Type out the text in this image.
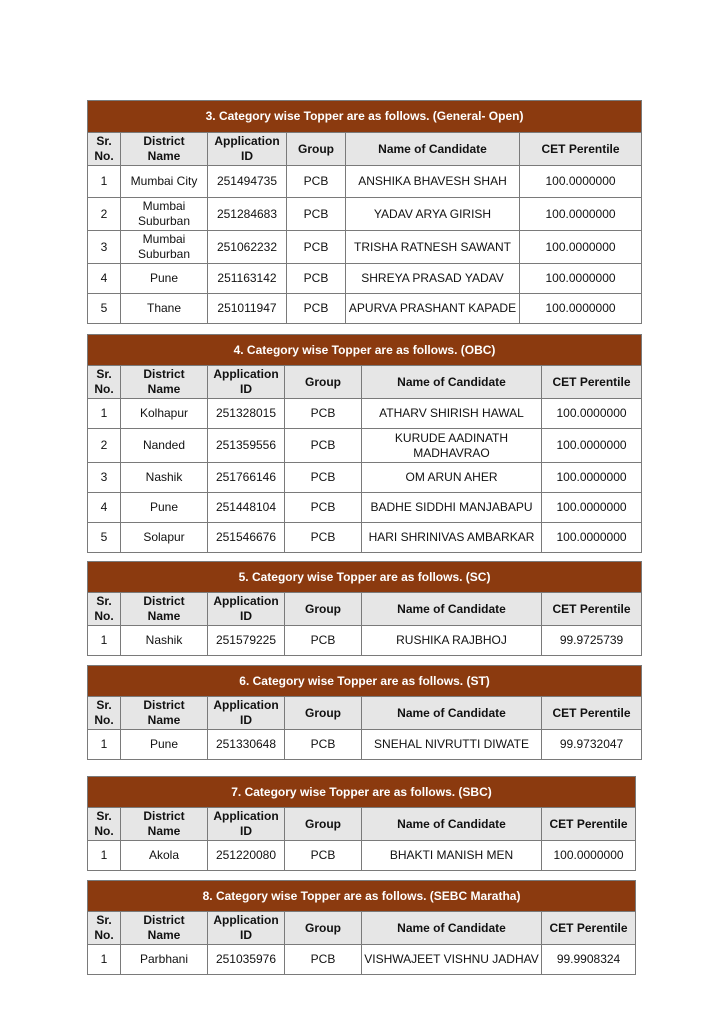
3. Category wise Topper are as follows. (General- Open)					

Sr.
No.	District
Name	Application
ID	Group	Name of Candidate	CET Perentile
1	Mumbai City	251494735	PCB	ANSHIKA BHAVESH SHAH	100.0000000
2	Mumbai
Suburban	251284683	PCB	YADAV ARYA GIRISH	100.0000000
3	Mumbai
Suburban	251062232	PCB	TRISHA RATNESH SAWANT	100.0000000
4	Pune	251163142	PCB	SHREYA PRASAD YADAV	100.0000000
5	Thane	251011947	PCB	APURVA PRASHANT KAPADE	100.0000000
4. Category wise Topper are as follows. (OBC)					

Sr.
No.	District
Name	Application
ID	Group	Name of Candidate	CET Perentile
1	Kolhapur	251328015	PCB	ATHARV SHIRISH HAWAL	100.0000000
2	Nanded	251359556	PCB	KURUDE AADINATH
MADHAVRAO	100.0000000
3	Nashik	251766146	PCB	OM ARUN AHER	100.0000000
4	Pune	251448104	PCB	BADHE SIDDHI MANJABAPU	100.0000000
5	Solapur	251546676	PCB	HARI SHRINIVAS AMBARKAR	100.0000000
5. Category wise Topper are as follows. (SC)					

Sr.
No.	District
Name	Application
ID	Group	Name of Candidate	CET Perentile
1	Nashik	251579225	PCB	RUSHIKA RAJBHOJ	99.9725739
6. Category wise Topper are as follows. (ST)					

Sr.
No.	District
Name	Application
ID	Group	Name of Candidate	CET Perentile
1	Pune	251330648	PCB	SNEHAL NIVRUTTI DIWATE	99.9732047
7. Category wise Topper are as follows. (SBC)					

Sr.
No.	District
Name	Application
ID	Group	Name of Candidate	CET Perentile
1	Akola	251220080	PCB	BHAKTI MANISH MEN	100.0000000
8. Category wise Topper are as follows. (SEBC Maratha)					

Sr.
No.	District
Name	Application
ID	Group	Name of Candidate	CET Perentile
1	Parbhani	251035976	PCB	VISHWAJEET VISHNU JADHAV	99.9908324
